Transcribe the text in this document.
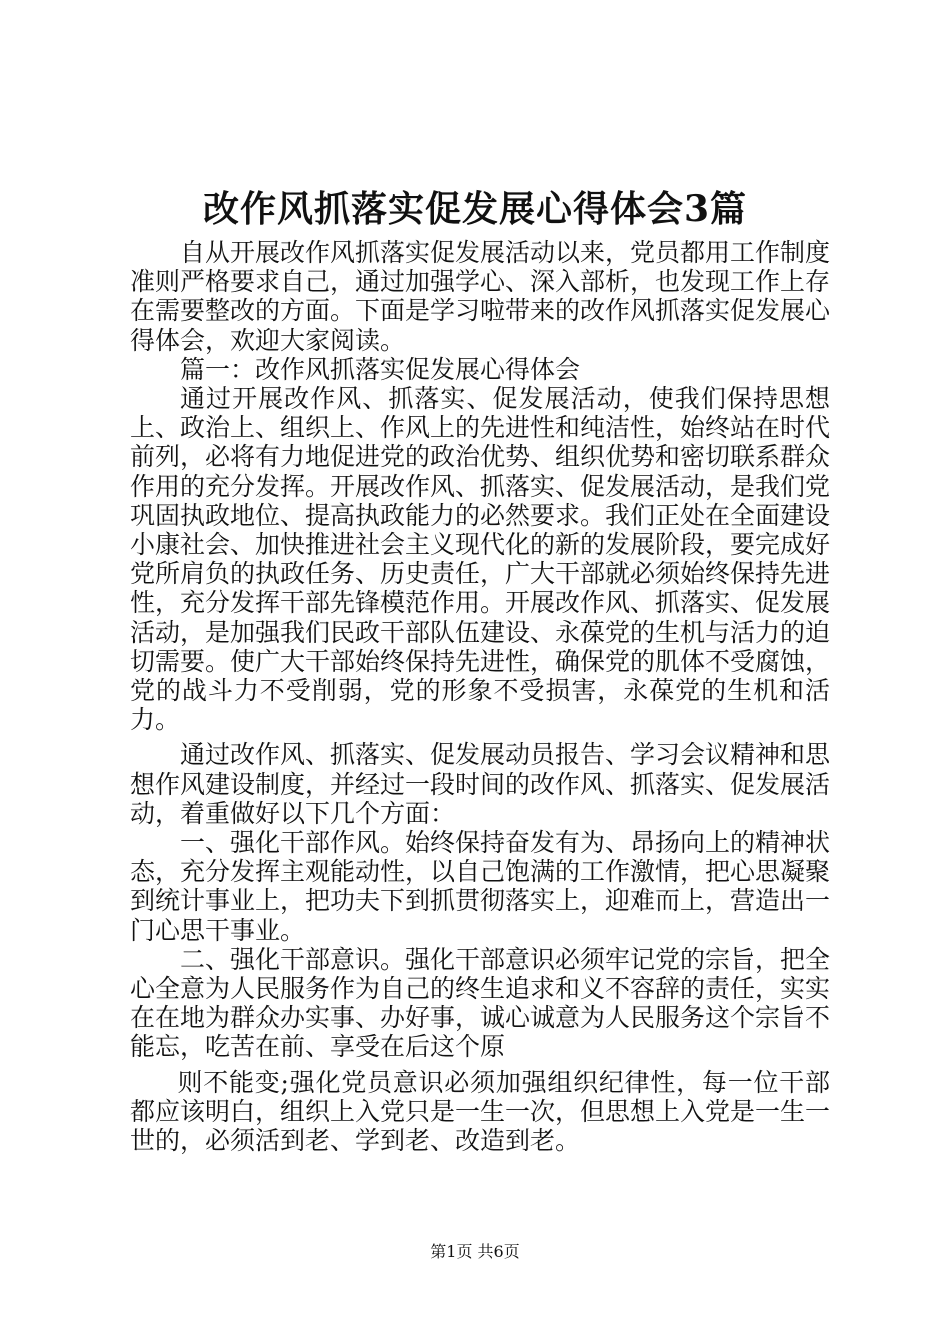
改作风抓落实促发展心得体会3篇

自从开展改作风抓落实促发展活动以来，党员都用工作制度准则严格要求自己，通过加强学心、深入部析，也发现工作上存在需要整改的方面。下面是学习啦带来的改作风抓落实促发展心得体会，欢迎大家阅读。

篇一：改作风抓落实促发展心得体会

通过开展改作风、抓落实、促发展活动，使我们保持思想上、政治上、组织上、作风上的先进性和纯洁性，始终站在时代前列，必将有力地促进党的政治优势、组织优势和密切联系群众作用的充分发挥。开展改作风、抓落实、促发展活动，是我们党巩固执政地位、提高执政能力的必然要求。我们正处在全面建设小康社会、加快推进社会主义现代化的新的发展阶段，要完成好党所肩负的执政任务、历史责任，广大干部就必须始终保持先进性，充分发挥干部先锋模范作用。开展改作风、抓落实、促发展活动，是加强我们民政干部队伍建设、永葆党的生机与活力的迫切需要。使广大干部始终保持先进性，确保党的肌体不受腐蚀，党的战斗力不受削弱，党的形象不受损害，永葆党的生机和活力。

通过改作风、抓落实、促发展动员报告、学习会议精神和思想作风建设制度，并经过一段时间的改作风、抓落实、促发展活动，着重做好以下几个方面：

一、强化干部作风。始终保持奋发有为、昂扬向上的精神状态，充分发挥主观能动性，以自己饱满的工作激情，把心思凝聚到统计事业上，把功夫下到抓贯彻落实上，迎难而上，营造出一门心思干事业。

二、强化干部意识。强化干部意识必须牢记党的宗旨，把全心全意为人民服务作为自己的终生追求和义不容辞的责任，实实在在地为群众办实事、办好事，诚心诚意为人民服务这个宗旨不能忘，吃苦在前、享受在后这个原

则不能变;强化党员意识必须加强组织纪律性，每一位干部都应该明白，组织上入党只是一生一次，但思想上入党是一生一世的，必须活到老、学到老、改造到老。

第1页 共6页
